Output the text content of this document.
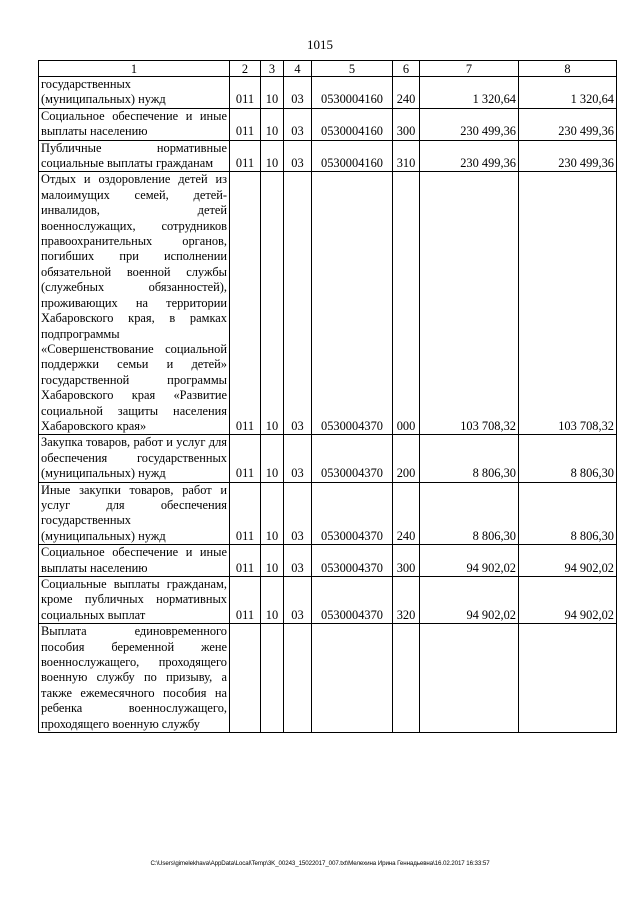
1015
1	2	3	4	5	6	7	8
государственных (муниципальных) нужд	011	10	03	0530004160	240	1 320,64	1 320,64
Социальное обеспечение и иные выплаты населению	011	10	03	0530004160	300	230 499,36	230 499,36
Публичные нормативные социальные выплаты гражданам	011	10	03	0530004160	310	230 499,36	230 499,36
Отдых и оздоровление детей из малоимущих семей, детей-инвалидов, детей военнослужащих, сотрудников правоохранительных органов, погибших при исполнении обязательной военной службы (служебных обязанностей), проживающих на территории Хабаровского края, в рамках подпрограммы «Совершенствование социальной поддержки семьи и детей» государственной программы Хабаровского края «Развитие социальной защиты населения Хабаровского края»	011	10	03	0530004370	000	103 708,32	103 708,32
Закупка товаров, работ и услуг для обеспечения государственных (муниципальных) нужд	011	10	03	0530004370	200	8 806,30	8 806,30
Иные закупки товаров, работ и услуг для обеспечения государственных (муниципальных) нужд	011	10	03	0530004370	240	8 806,30	8 806,30
Социальное обеспечение и иные выплаты населению	011	10	03	0530004370	300	94 902,02	94 902,02
Социальные выплаты гражданам, кроме публичных нормативных социальных выплат	011	10	03	0530004370	320	94 902,02	94 902,02
Выплата единовременного пособия беременной жене военнослужащего, проходящего военную службу по призыву, а также ежемесячного пособия на ребенка военнослужащего, проходящего военную службу							
C:\Users\gimelekhava\AppData\Local\Temp\3K_00243_15022017_007.txt\Мелехина Ирина Геннадьевна\16.02.2017 16:33:57
